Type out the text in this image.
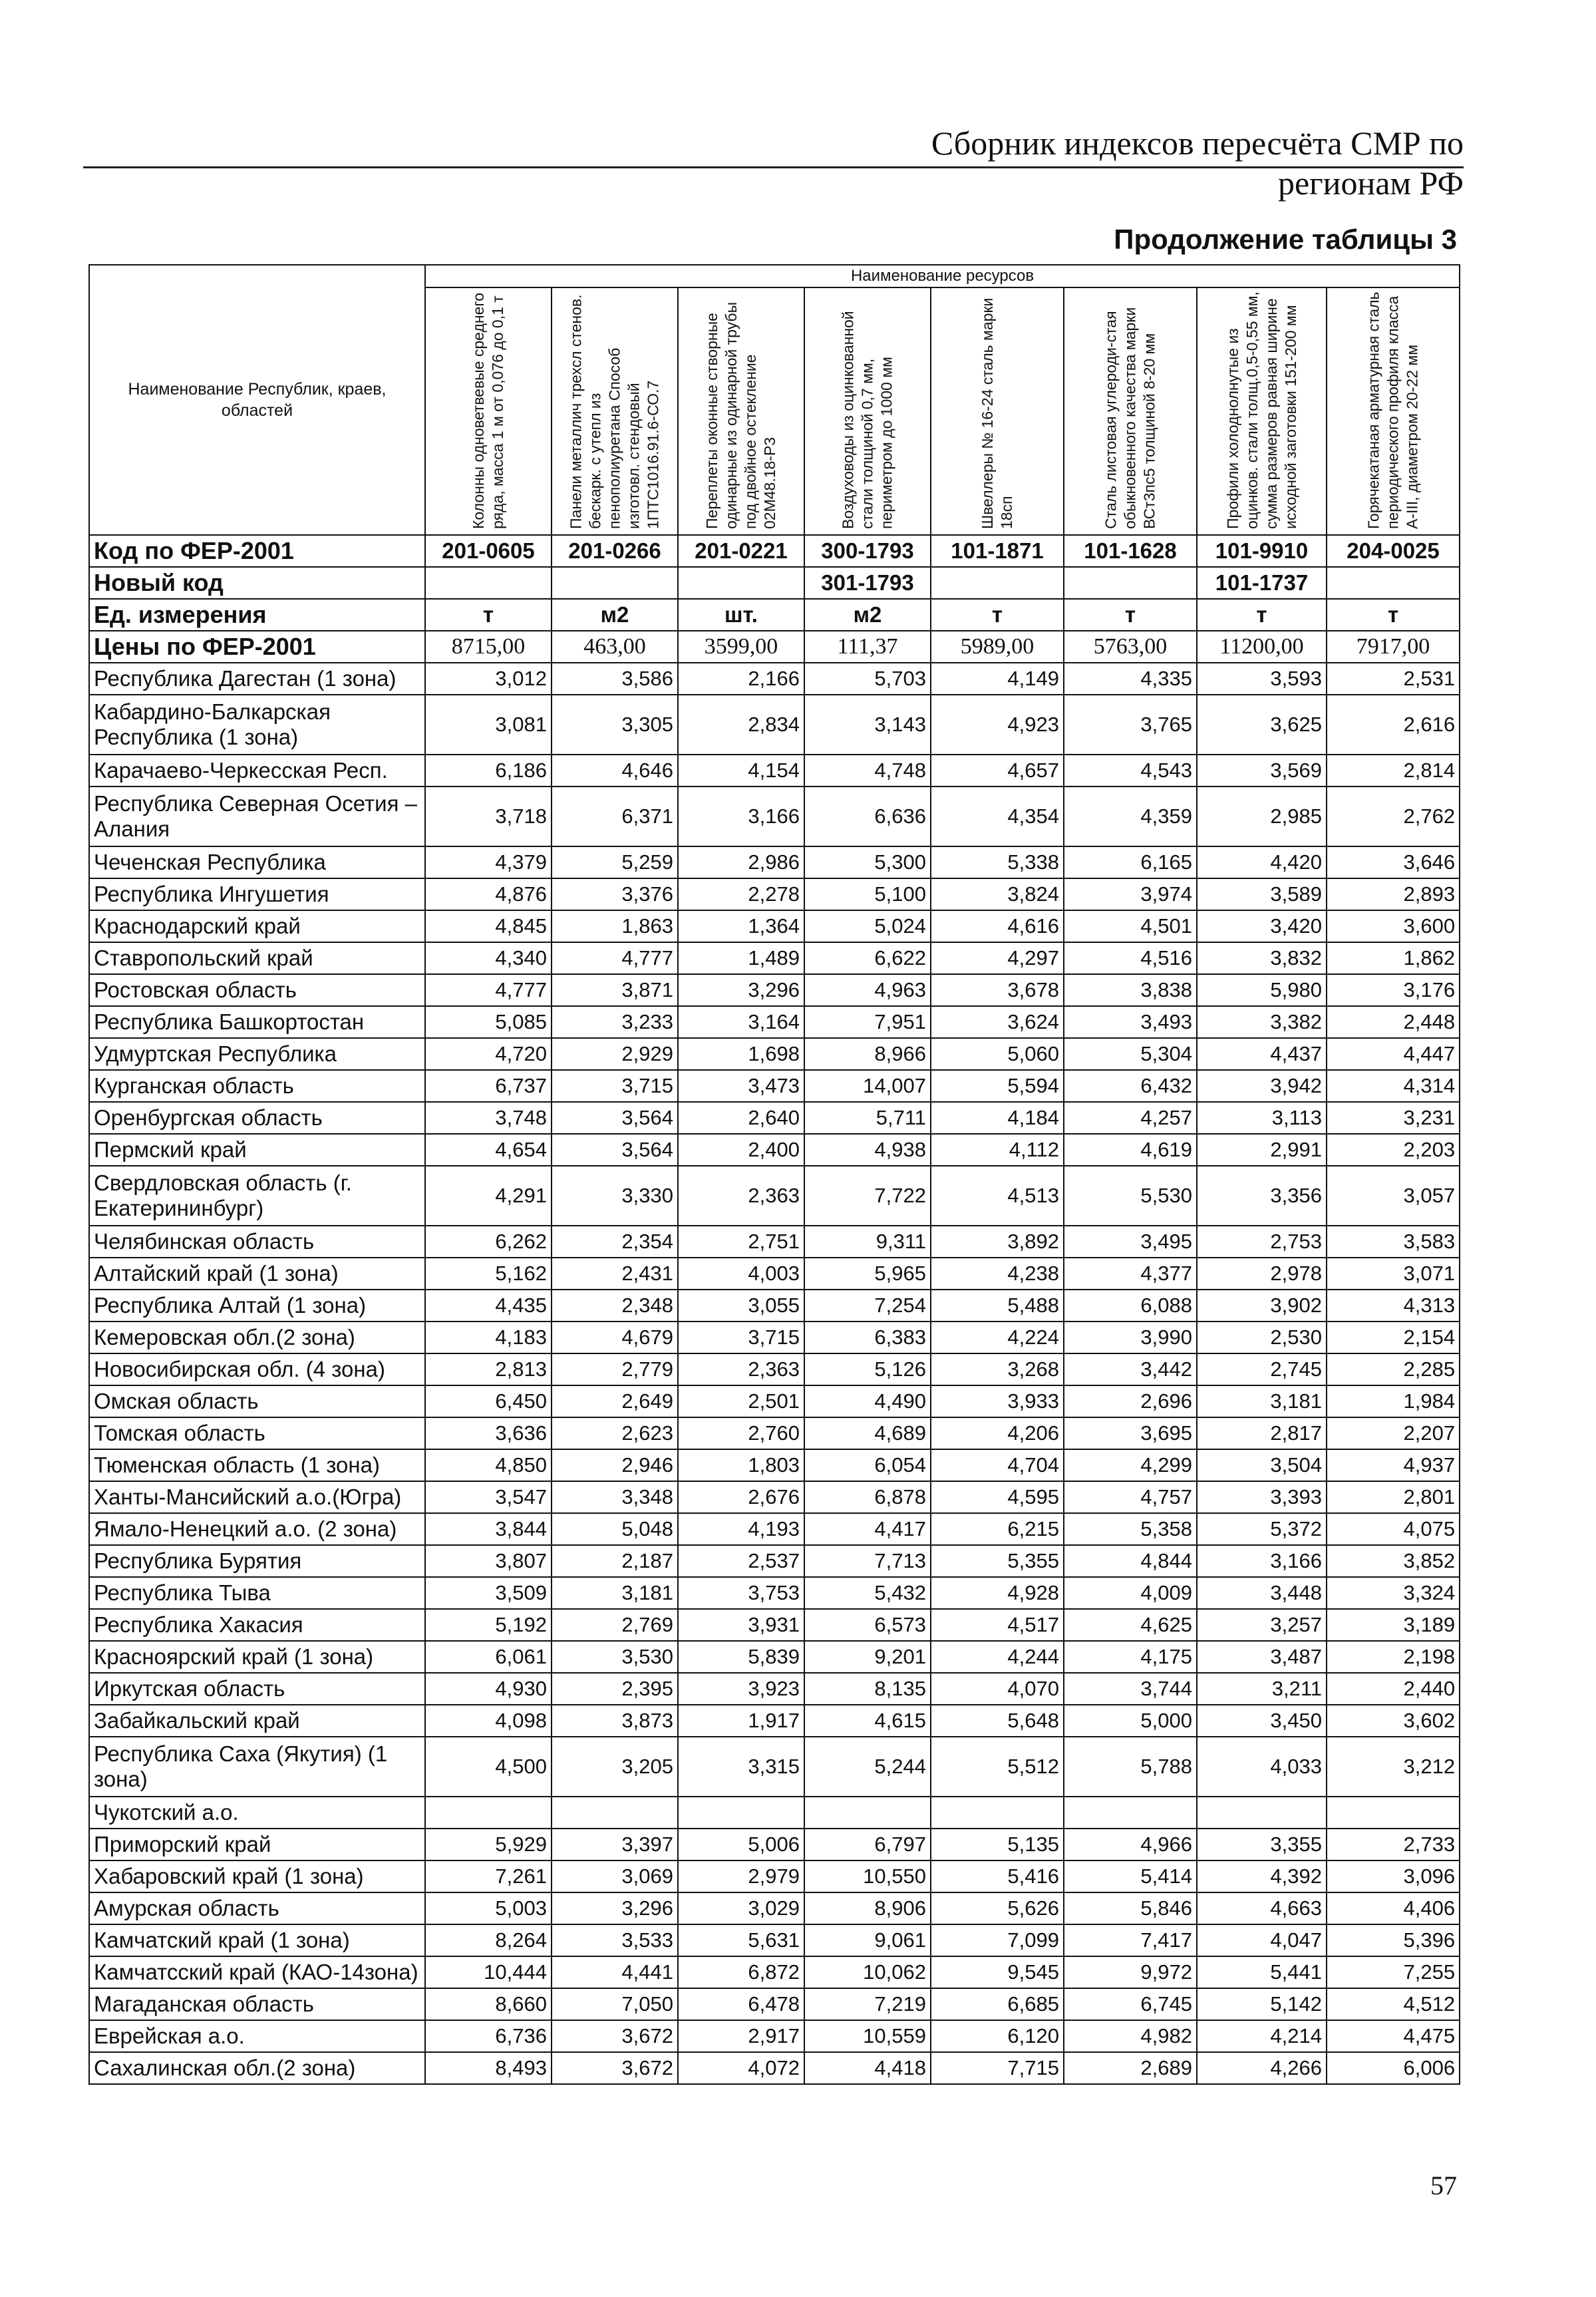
Сборник индексов пересчёта СМР по регионам РФ
Продолжение таблицы 3
Наименование Республик, краев, областей	Наименование ресурсов							

	Колонны одноветвевые среднего ряда, масса 1 м от 0,076 до 0,1 т	Панели металлич трехсл стенов. бескарк. с утепл из пенополиуретана Способ изготовл. стендовый 1ПТС1016.91.6-СО.7	Переплеты оконные створные одинарные из одинарной трубы под двойное остекление 02М48.18-Р3	Воздуховоды из оцинкованной стали толщиной 0,7 мм, периметром до 1000 мм	Швеллеры № 16-24 сталь марки 18сп	Сталь листовая углероди-стая обыкновенного качества марки ВСт3пс5 толщиной 8-20 мм	Профили холоднолнутые из оцинков. стали толщ.0,5-0,55 мм, сумма размеров равная ширине исходной заготовки 151-200 мм	Горячекатаная арматурная сталь периодического профиля класса А-III, диаметром 20-22 мм

Код по ФЕР-2001	201-0605	201-0266	201-0221	300-1793	101-1871	101-1628	101-9910	204-0025
Новый код				301-1793			101-1737	
Ед. измерения	т	м2	шт.	м2	т	т	т	т
Цены по ФЕР-2001	8715,00	463,00	3599,00	111,37	5989,00	5763,00	11200,00	7917,00
Республика Дагестан (1 зона)	3,012	3,586	2,166	5,703	4,149	4,335	3,593	2,531
Кабардино-Балкарская Республика (1 зона)	3,081	3,305	2,834	3,143	4,923	3,765	3,625	2,616
Карачаево-Черкесская Респ.	6,186	4,646	4,154	4,748	4,657	4,543	3,569	2,814
Республика Северная Осетия – Алания	3,718	6,371	3,166	6,636	4,354	4,359	2,985	2,762
Чеченская Республика	4,379	5,259	2,986	5,300	5,338	6,165	4,420	3,646
Республика Ингушетия	4,876	3,376	2,278	5,100	3,824	3,974	3,589	2,893
Краснодарский край	4,845	1,863	1,364	5,024	4,616	4,501	3,420	3,600
Ставропольский край	4,340	4,777	1,489	6,622	4,297	4,516	3,832	1,862
Ростовская область	4,777	3,871	3,296	4,963	3,678	3,838	5,980	3,176
Республика Башкортостан	5,085	3,233	3,164	7,951	3,624	3,493	3,382	2,448
Удмуртская Республика	4,720	2,929	1,698	8,966	5,060	5,304	4,437	4,447
Курганская область	6,737	3,715	3,473	14,007	5,594	6,432	3,942	4,314
Оренбургская область	3,748	3,564	2,640	5,711	4,184	4,257	3,113	3,231
Пермский край	4,654	3,564	2,400	4,938	4,112	4,619	2,991	2,203
Свердловская область (г. Екатерининбург)	4,291	3,330	2,363	7,722	4,513	5,530	3,356	3,057
Челябинская область	6,262	2,354	2,751	9,311	3,892	3,495	2,753	3,583
Алтайский край (1 зона)	5,162	2,431	4,003	5,965	4,238	4,377	2,978	3,071
Республика Алтай (1 зона)	4,435	2,348	3,055	7,254	5,488	6,088	3,902	4,313
Кемеровская обл.(2 зона)	4,183	4,679	3,715	6,383	4,224	3,990	2,530	2,154
Новосибирская обл. (4 зона)	2,813	2,779	2,363	5,126	3,268	3,442	2,745	2,285
Омская область	6,450	2,649	2,501	4,490	3,933	2,696	3,181	1,984
Томская область	3,636	2,623	2,760	4,689	4,206	3,695	2,817	2,207
Тюменская область (1 зона)	4,850	2,946	1,803	6,054	4,704	4,299	3,504	4,937
Ханты-Мансийский а.о.(Югра)	3,547	3,348	2,676	6,878	4,595	4,757	3,393	2,801
Ямало-Ненецкий а.о. (2 зона)	3,844	5,048	4,193	4,417	6,215	5,358	5,372	4,075
Республика Бурятия	3,807	2,187	2,537	7,713	5,355	4,844	3,166	3,852
Республика Тыва	3,509	3,181	3,753	5,432	4,928	4,009	3,448	3,324
Республика Хакасия	5,192	2,769	3,931	6,573	4,517	4,625	3,257	3,189
Красноярский край (1 зона)	6,061	3,530	5,839	9,201	4,244	4,175	3,487	2,198
Иркутская область	4,930	2,395	3,923	8,135	4,070	3,744	3,211	2,440
Забайкальский край	4,098	3,873	1,917	4,615	5,648	5,000	3,450	3,602
Республика Саха (Якутия) (1 зона)	4,500	3,205	3,315	5,244	5,512	5,788	4,033	3,212
Чукотский а.о.								
Приморский край	5,929	3,397	5,006	6,797	5,135	4,966	3,355	2,733
Хабаровский край (1 зона)	7,261	3,069	2,979	10,550	5,416	5,414	4,392	3,096
Амурская область	5,003	3,296	3,029	8,906	5,626	5,846	4,663	4,406
Камчатский край (1 зона)	8,264	3,533	5,631	9,061	7,099	7,417	4,047	5,396
Камчатсский край (КАО-14зона)	10,444	4,441	6,872	10,062	9,545	9,972	5,441	7,255
Магаданская область	8,660	7,050	6,478	7,219	6,685	6,745	5,142	4,512
Еврейская а.о.	6,736	3,672	2,917	10,559	6,120	4,982	4,214	4,475
Сахалинская обл.(2 зона)	8,493	3,672	4,072	4,418	7,715	2,689	4,266	6,006
57
